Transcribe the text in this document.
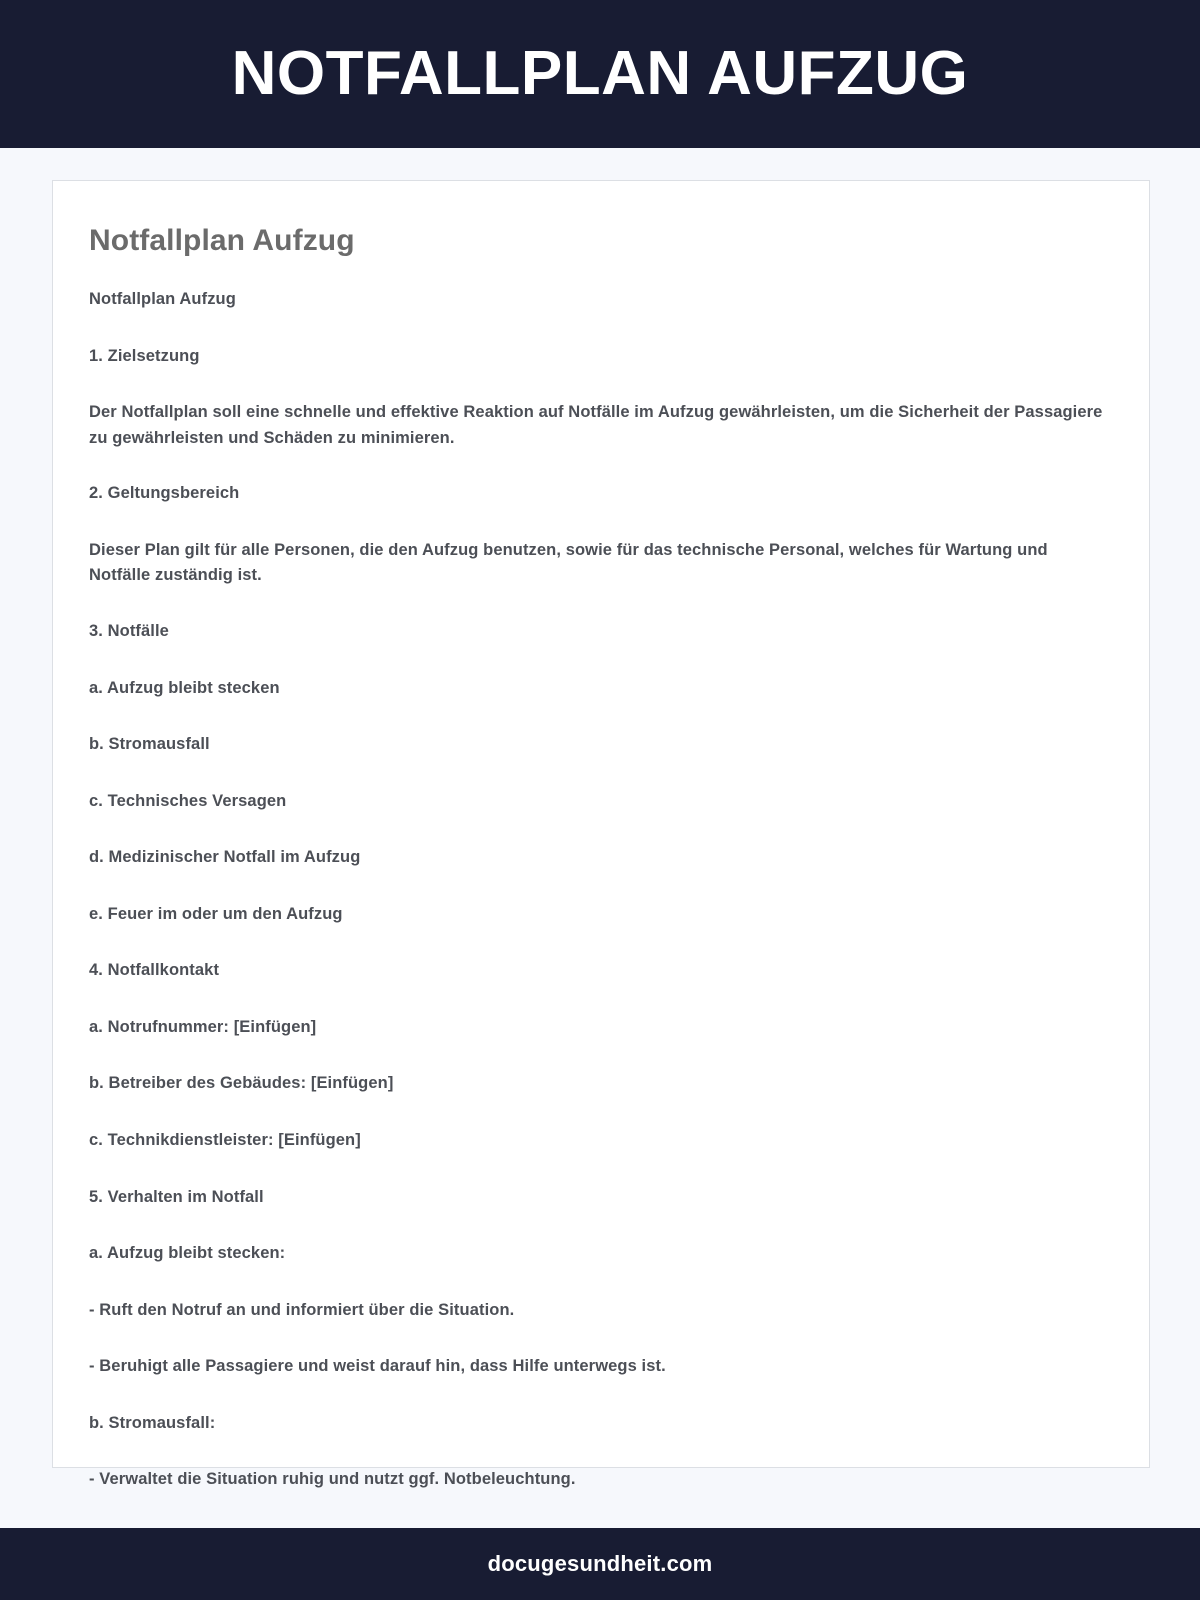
NOTFALLPLAN AUFZUG
Notfallplan Aufzug

Notfallplan Aufzug

1. Zielsetzung

Der Notfallplan soll eine schnelle und effektive Reaktion auf Notfälle im Aufzug gewährleisten, um die Sicherheit der Passagiere zu gewährleisten und Schäden zu minimieren.

2. Geltungsbereich

Dieser Plan gilt für alle Personen, die den Aufzug benutzen, sowie für das technische Personal, welches für Wartung und Notfälle zuständig ist.

3. Notfälle

a. Aufzug bleibt stecken

b. Stromausfall

c. Technisches Versagen

d. Medizinischer Notfall im Aufzug

e. Feuer im oder um den Aufzug

4. Notfallkontakt

a. Notrufnummer: [Einfügen]

b. Betreiber des Gebäudes: [Einfügen]

c. Technikdienstleister: [Einfügen]

5. Verhalten im Notfall

a. Aufzug bleibt stecken:

- Ruft den Notruf an und informiert über die Situation.

- Beruhigt alle Passagiere und weist darauf hin, dass Hilfe unterwegs ist.

b. Stromausfall:

- Verwaltet die Situation ruhig und nutzt ggf. Notbeleuchtung.

docugesundheit.com
